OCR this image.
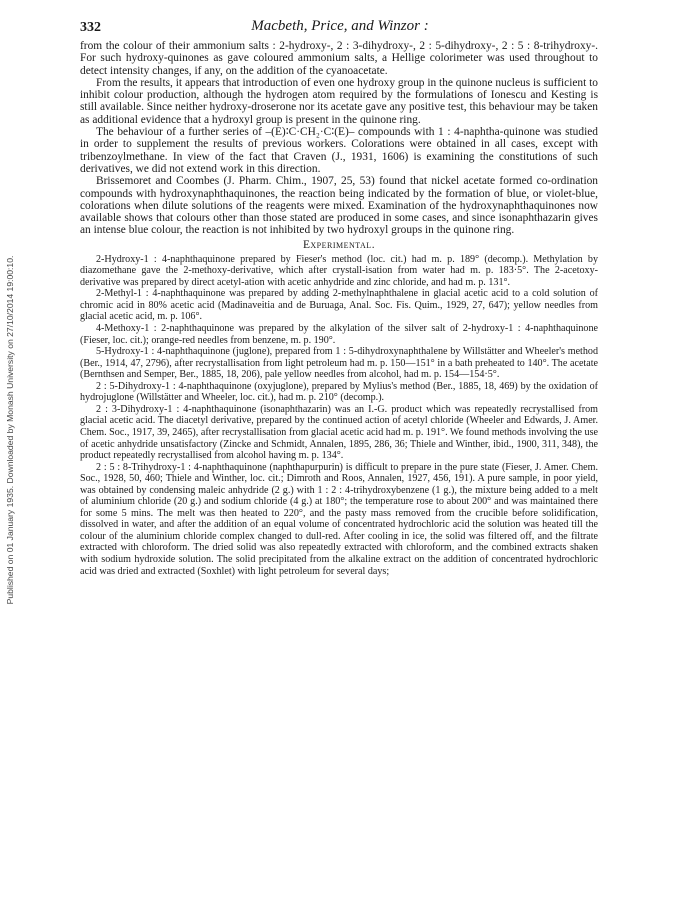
Published on 01 January 1935. Downloaded by Monash University on 27/10/2014 19:00:10.
332	Macbeth, Price, and Winzor :

from the colour of their ammonium salts : 2-hydroxy-, 2 : 3-dihydroxy-, 2 : 5-dihydroxy-, 2 : 5 : 8-trihydroxy-. For such hydroxy-quinones as gave coloured ammonium salts, a Hellige colorimeter was used throughout to detect intensity changes, if any, on the addition of the cyanoacetate.

From the results, it appears that introduction of even one hydroxy group in the quinone nucleus is sufficient to inhibit colour production, although the hydrogen atom required by the formulations of Ionescu and Kesting is still available. Since neither hydroxy-droserone nor its acetate gave any positive test, this behaviour may be taken as additional evidence that a hydroxyl group is present in the quinone ring.

The behaviour of a further series of –(E)∶C·CH₂·C∶(E)– compounds with 1 : 4-naphtha-quinone was studied in order to supplement the results of previous workers. Colorations were obtained in all cases, except with tribenzoylmethane. In view of the fact that Craven (J., 1931, 1606) is examining the constitutions of such derivatives, we did not extend work in this direction.

Brissemoret and Coombes (J. Pharm. Chim., 1907, 25, 53) found that nickel acetate formed co-ordination compounds with hydroxynaphthaquinones, the reaction being indicated by the formation of blue, or violet-blue, colorations when dilute solutions of the reagents were mixed. Examination of the hydroxynaphthaquinones now available shows that colours other than those stated are produced in some cases, and since isonaphthazarin gives an intense blue colour, the reaction is not inhibited by two hydroxyl groups in the quinone ring.

Experimental.

2-Hydroxy-1 : 4-naphthaquinone prepared by Fieser's method (loc. cit.) had m. p. 189° (decomp.). Methylation by diazomethane gave the 2-methoxy-derivative, which after crystall-isation from water had m. p. 183·5°. The 2-acetoxy-derivative was prepared by direct acetyl-ation with acetic anhydride and zinc chloride, and had m. p. 131°.

2-Methyl-1 : 4-naphthaquinone was prepared by adding 2-methylnaphthalene in glacial acetic acid to a cold solution of chromic acid in 80% acetic acid (Madinaveitia and de Buruaga, Anal. Soc. Fis. Quim., 1929, 27, 647); yellow needles from glacial acetic acid, m. p. 106°.

4-Methoxy-1 : 2-naphthaquinone was prepared by the alkylation of the silver salt of 2-hydroxy-1 : 4-naphthaquinone (Fieser, loc. cit.); orange-red needles from benzene, m. p. 190°.

5-Hydroxy-1 : 4-naphthaquinone (juglone), prepared from 1 : 5-dihydroxynaphthalene by Willstätter and Wheeler's method (Ber., 1914, 47, 2796), after recrystallisation from light petroleum had m. p. 150—151° in a bath preheated to 140°. The acetate (Bernthsen and Semper, Ber., 1885, 18, 206), pale yellow needles from alcohol, had m. p. 154—154·5°.

2 : 5-Dihydroxy-1 : 4-naphthaquinone (oxyjuglone), prepared by Mylius's method (Ber., 1885, 18, 469) by the oxidation of hydrojuglone (Willstätter and Wheeler, loc. cit.), had m. p. 210° (decomp.).

2 : 3-Dihydroxy-1 : 4-naphthaquinone (isonaphthazarin) was an I.-G. product which was repeatedly recrystallised from glacial acetic acid. The diacetyl derivative, prepared by the continued action of acetyl chloride (Wheeler and Edwards, J. Amer. Chem. Soc., 1917, 39, 2465), after recrystallisation from glacial acetic acid had m. p. 191°. We found methods involving the use of acetic anhydride unsatisfactory (Zincke and Schmidt, Annalen, 1895, 286, 36; Thiele and Winther, ibid., 1900, 311, 348), the product repeatedly recrystallised from alcohol having m. p. 134°.

2 : 5 : 8-Trihydroxy-1 : 4-naphthaquinone (naphthapurpurin) is difficult to prepare in the pure state (Fieser, J. Amer. Chem. Soc., 1928, 50, 460; Thiele and Winther, loc. cit.; Dimroth and Roos, Annalen, 1927, 456, 191). A pure sample, in poor yield, was obtained by condensing maleic anhydride (2 g.) with 1 : 2 : 4-trihydroxybenzene (1 g.), the mixture being added to a melt of aluminium chloride (20 g.) and sodium chloride (4 g.) at 180°; the temperature rose to about 200° and was maintained there for some 5 mins. The melt was then heated to 220°, and the pasty mass removed from the crucible before solidification, dissolved in water, and after the addition of an equal volume of concentrated hydrochloric acid the solution was heated till the colour of the aluminium chloride complex changed to dull-red. After cooling in ice, the solid was filtered off, and the filtrate extracted with chloroform. The dried solid was also repeatedly extracted with chloroform, and the combined extracts shaken with sodium hydroxide solution. The solid precipitated from the alkaline extract on the addition of concentrated hydrochloric acid was dried and extracted (Soxhlet) with light petroleum for several days;
